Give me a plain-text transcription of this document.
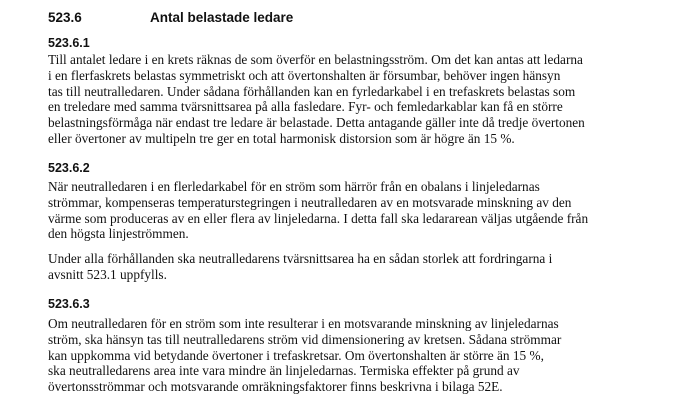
523.6	Antal belastade ledare
523.6.1
Till antalet ledare i en krets räknas de som överför en belastningsström. Om det kan antas att ledarna
i en flerfaskrets belastas symmetriskt och att övertonshalten är försumbar, behöver ingen hänsyn
tas till neutralledaren. Under sådana förhållanden kan en fyrledarkabel i en trefaskrets belastas som
en treledare med samma tvärsnittsarea på alla fasledare. Fyr- och femledarkablar kan få en större
belastningsförmåga när endast tre ledare är belastade. Detta antagande gäller inte då tredje övertonen
eller övertoner av multipeln tre ger en total harmonisk distorsion som är högre än 15 %.
523.6.2
När neutralledaren i en flerledarkabel för en ström som härrör från en obalans i linjeledarnas
strömmar, kompenseras temperaturstegringen i neutralledaren av en motsvarade minskning av den
värme som produceras av en eller flera av linjeledarna. I detta fall ska ledararean väljas utgående från
den högsta linjeströmmen.
Under alla förhållanden ska neutralledarens tvärsnittsarea ha en sådan storlek att fordringarna i
avsnitt 523.1 uppfylls.
523.6.3
Om neutralledaren för en ström som inte resulterar i en motsvarande minskning av linjeledarnas
ström, ska hänsyn tas till neutralledarens ström vid dimensionering av kretsen. Sådana strömmar
kan uppkomma vid betydande övertoner i trefaskretsar. Om övertonshalten är större än 15 %,
ska neutralledarens area inte vara mindre än linjeledarnas. Termiska effekter på grund av
övertonsströmmar och motsvarande omräkningsfaktorer finns beskrivna i bilaga 52E.
